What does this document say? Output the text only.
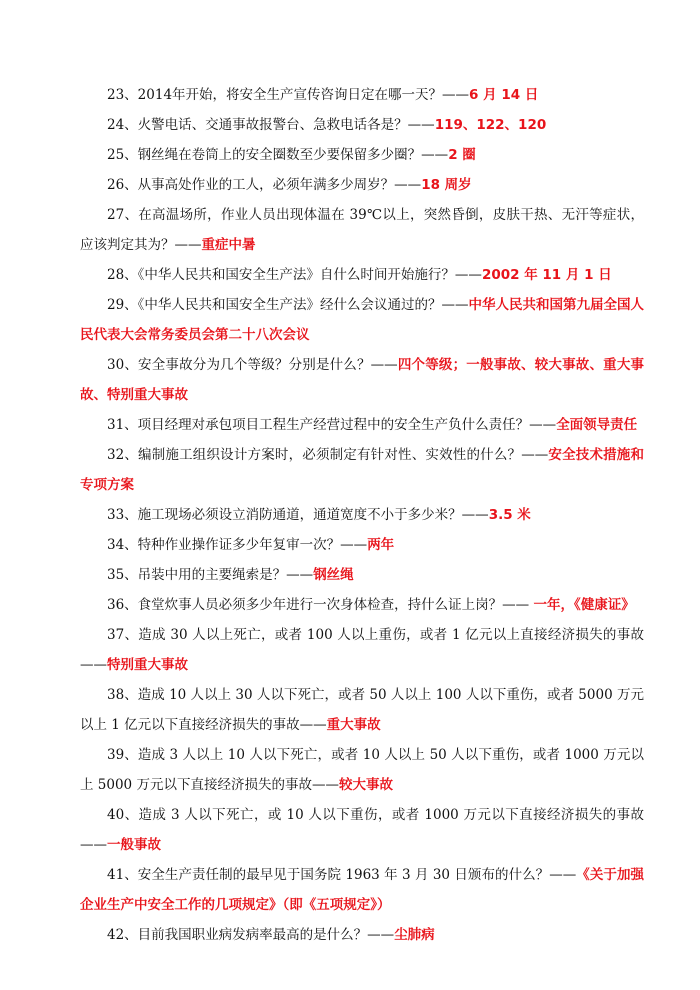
23、2014年开始，将安全生产宣传咨询日定在哪一天？——6 月 14 日

24、火警电话、交通事故报警台、急救电话各是？——119、122、120

25、钢丝绳在卷筒上的安全圈数至少要保留多少圈？——2 圈

26、从事高处作业的工人，必须年满多少周岁？——18 周岁

27、在高温场所，作业人员出现体温在 39℃以上，突然昏倒，皮肤干热、无汗等症状，应该判定其为？——重症中暑

28、《中华人民共和国安全生产法》自什么时间开始施行？——2002 年 11 月 1 日

29、《中华人民共和国安全生产法》经什么会议通过的？——中华人民共和国第九届全国人民代表大会常务委员会第二十八次会议

30、安全事故分为几个等级？分别是什么？——四个等级；一般事故、较大事故、重大事故、特别重大事故

31、项目经理对承包项目工程生产经营过程中的安全生产负什么责任？——全面领导责任

32、编制施工组织设计方案时，必须制定有针对性、实效性的什么？——安全技术措施和专项方案

33、施工现场必须设立消防通道，通道宽度不小于多少米？——3.5 米

34、特种作业操作证多少年复审一次？——两年

35、吊装中用的主要绳索是？——钢丝绳

36、食堂炊事人员必须多少年进行一次身体检查，持什么证上岗？—— 一年，《健康证》

37、造成 30 人以上死亡，或者 100 人以上重伤，或者 1 亿元以上直接经济损失的事故——特别重大事故

38、造成 10 人以上 30 人以下死亡，或者 50 人以上 100 人以下重伤，或者 5000 万元以上 1 亿元以下直接经济损失的事故——重大事故

39、造成 3 人以上 10 人以下死亡，或者 10 人以上 50 人以下重伤，或者 1000 万元以上 5000 万元以下直接经济损失的事故——较大事故

40、造成 3 人以下死亡，或 10 人以下重伤，或者 1000 万元以下直接经济损失的事故——一般事故

41、安全生产责任制的最早见于国务院 1963 年 3 月 30 日颁布的什么？——《关于加强企业生产中安全工作的几项规定》（即《五项规定》）

42、目前我国职业病发病率最高的是什么？——尘肺病
